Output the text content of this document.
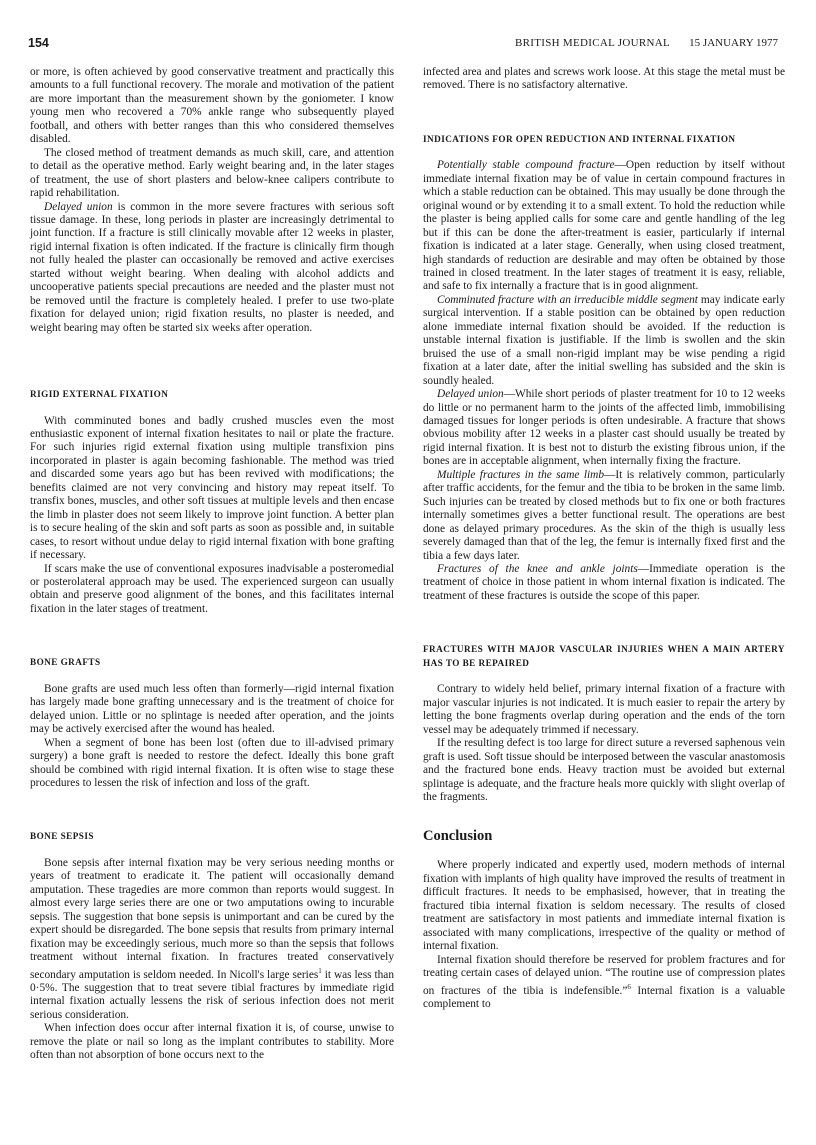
154	BRITISH MEDICAL JOURNAL 15 JANUARY 1977

or more, is often achieved by good conservative treatment and practically this amounts to a full functional recovery. The morale and motivation of the patient are more important than the measurement shown by the goniometer. I know young men who recovered a 70% ankle range who subsequently played football, and others with better ranges than this who considered themselves disabled.

The closed method of treatment demands as much skill, care, and attention to detail as the operative method. Early weight bearing and, in the later stages of treatment, the use of short plasters and below-knee calipers contribute to rapid rehabilitation.

Delayed union is common in the more severe fractures with serious soft tissue damage. In these, long periods in plaster are increasingly detrimental to joint function. If a fracture is still clinically movable after 12 weeks in plaster, rigid internal fixation is often indicated. If the fracture is clinically firm though not fully healed the plaster can occasionally be removed and active exercises started without weight bearing. When dealing with alcohol addicts and uncooperative patients special precautions are needed and the plaster must not be removed until the fracture is completely healed. I prefer to use two-plate fixation for delayed union; rigid fixation results, no plaster is needed, and weight bearing may often be started six weeks after operation.

RIGID EXTERNAL FIXATION

With comminuted bones and badly crushed muscles even the most enthusiastic exponent of internal fixation hesitates to nail or plate the fracture. For such injuries rigid external fixation using multiple transfixion pins incorporated in plaster is again becoming fashionable. The method was tried and discarded some years ago but has been revived with modifications; the benefits claimed are not very convincing and history may repeat itself. To transfix bones, muscles, and other soft tissues at multiple levels and then encase the limb in plaster does not seem likely to improve joint function. A better plan is to secure healing of the skin and soft parts as soon as possible and, in suitable cases, to resort without undue delay to rigid internal fixation with bone grafting if necessary.

If scars make the use of conventional exposures inadvisable a posteromedial or posterolateral approach may be used. The experienced surgeon can usually obtain and preserve good alignment of the bones, and this facilitates internal fixation in the later stages of treatment.

BONE GRAFTS

Bone grafts are used much less often than formerly—rigid internal fixation has largely made bone grafting unnecessary and is the treatment of choice for delayed union. Little or no splintage is needed after operation, and the joints may be actively exercised after the wound has healed.

When a segment of bone has been lost (often due to ill-advised primary surgery) a bone graft is needed to restore the defect. Ideally this bone graft should be combined with rigid internal fixation. It is often wise to stage these procedures to lessen the risk of infection and loss of the graft.

BONE SEPSIS

Bone sepsis after internal fixation may be very serious needing months or years of treatment to eradicate it. The patient will occasionally demand amputation. These tragedies are more common than reports would suggest. In almost every large series there are one or two amputations owing to incurable sepsis. The suggestion that bone sepsis is unimportant and can be cured by the expert should be disregarded. The bone sepsis that results from primary internal fixation may be exceedingly serious, much more so than the sepsis that follows treatment without internal fixation. In fractures treated conservatively secondary amputation is seldom needed. In Nicoll's large series$^1$ it was less than 0·5%. The suggestion that to treat severe tibial fractures by immediate rigid internal fixation actually lessens the risk of serious infection does not merit serious consideration.

When infection does occur after internal fixation it is, of course, unwise to remove the plate or nail so long as the implant contributes to stability. More often than not absorption of bone occurs next to the

infected area and plates and screws work loose. At this stage the metal must be removed. There is no satisfactory alternative.

INDICATIONS FOR OPEN REDUCTION AND INTERNAL FIXATION

Potentially stable compound fracture—Open reduction by itself without immediate internal fixation may be of value in certain compound fractures in which a stable reduction can be obtained. This may usually be done through the original wound or by extending it to a small extent. To hold the reduction while the plaster is being applied calls for some care and gentle handling of the leg but if this can be done the after-treatment is easier, particularly if internal fixation is indicated at a later stage. Generally, when using closed treatment, high standards of reduction are desirable and may often be obtained by those trained in closed treatment. In the later stages of treatment it is easy, reliable, and safe to fix internally a fracture that is in good alignment.

Comminuted fracture with an irreducible middle segment may indicate early surgical intervention. If a stable position can be obtained by open reduction alone immediate internal fixation should be avoided. If the reduction is unstable internal fixation is justifiable. If the limb is swollen and the skin bruised the use of a small non-rigid implant may be wise pending a rigid fixation at a later date, after the initial swelling has subsided and the skin is soundly healed.

Delayed union—While short periods of plaster treatment for 10 to 12 weeks do little or no permanent harm to the joints of the affected limb, immobilising damaged tissues for longer periods is often undesirable. A fracture that shows obvious mobility after 12 weeks in a plaster cast should usually be treated by rigid internal fixation. It is best not to disturb the existing fibrous union, if the bones are in acceptable alignment, when internally fixing the fracture.

Multiple fractures in the same limb—It is relatively common, particularly after traffic accidents, for the femur and the tibia to be broken in the same limb. Such injuries can be treated by closed methods but to fix one or both fractures internally sometimes gives a better functional result. The operations are best done as delayed primary procedures. As the skin of the thigh is usually less severely damaged than that of the leg, the femur is internally fixed first and the tibia a few days later.

Fractures of the knee and ankle joints—Immediate operation is the treatment of choice in those patient in whom internal fixation is indicated. The treatment of these fractures is outside the scope of this paper.

FRACTURES WITH MAJOR VASCULAR INJURIES WHEN A MAIN ARTERY HAS TO BE REPAIRED

Contrary to widely held belief, primary internal fixation of a fracture with major vascular injuries is not indicated. It is much easier to repair the artery by letting the bone fragments overlap during operation and the ends of the torn vessel may be adequately trimmed if necessary.

If the resulting defect is too large for direct suture a reversed saphenous vein graft is used. Soft tissue should be interposed between the vascular anastomosis and the fractured bone ends. Heavy traction must be avoided but external splintage is adequate, and the fracture heals more quickly with slight overlap of the fragments.

Conclusion

Where properly indicated and expertly used, modern methods of internal fixation with implants of high quality have improved the results of treatment in difficult fractures. It needs to be emphasised, however, that in treating the fractured tibia internal fixation is seldom necessary. The results of closed treatment are satisfactory in most patients and immediate internal fixation is associated with many complications, irrespective of the quality or method of internal fixation.

Internal fixation should therefore be reserved for problem fractures and for treating certain cases of delayed union. “The routine use of compression plates on fractures of the tibia is indefensible.”$^6$ Internal fixation is a valuable complement to
